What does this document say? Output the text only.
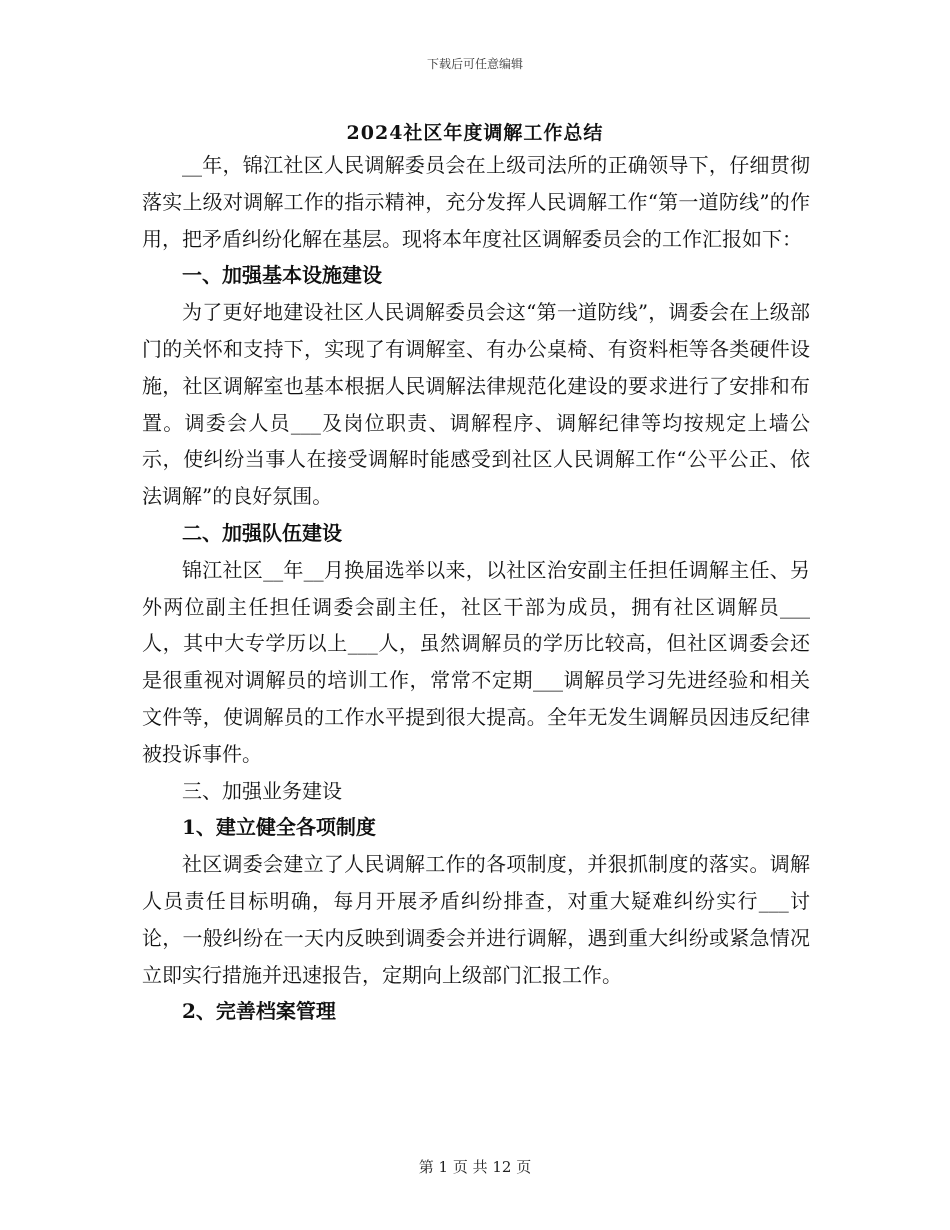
下载后可任意编辑
2024社区年度调解工作总结

__年，锦江社区人民调解委员会在上级司法所的正确领导下，仔细贯彻落实上级对调解工作的指示精神，充分发挥人民调解工作“第一道防线”的作用，把矛盾纠纷化解在基层。现将本年度社区调解委员会的工作汇报如下：

一、加强基本设施建设

为了更好地建设社区人民调解委员会这“第一道防线”，调委会在上级部门的关怀和支持下，实现了有调解室、有办公桌椅、有资料柜等各类硬件设施，社区调解室也基本根据人民调解法律规范化建设的要求进行了安排和布置。调委会人员___及岗位职责、调解程序、调解纪律等均按规定上墙公示，使纠纷当事人在接受调解时能感受到社区人民调解工作“公平公正、依法调解”的良好氛围。

二、加强队伍建设

锦江社区__年__月换届选举以来，以社区治安副主任担任调解主任、另外两位副主任担任调委会副主任，社区干部为成员，拥有社区调解员___人，其中大专学历以上___人，虽然调解员的学历比较高，但社区调委会还是很重视对调解员的培训工作，常常不定期___调解员学习先进经验和相关文件等，使调解员的工作水平提到很大提高。全年无发生调解员因违反纪律被投诉事件。

三、加强业务建设

1、建立健全各项制度

社区调委会建立了人民调解工作的各项制度，并狠抓制度的落实。调解人员责任目标明确，每月开展矛盾纠纷排查，对重大疑难纠纷实行___讨论，一般纠纷在一天内反映到调委会并进行调解，遇到重大纠纷或紧急情况立即实行措施并迅速报告，定期向上级部门汇报工作。

2、完善档案管理

第 1 页 共 12 页
